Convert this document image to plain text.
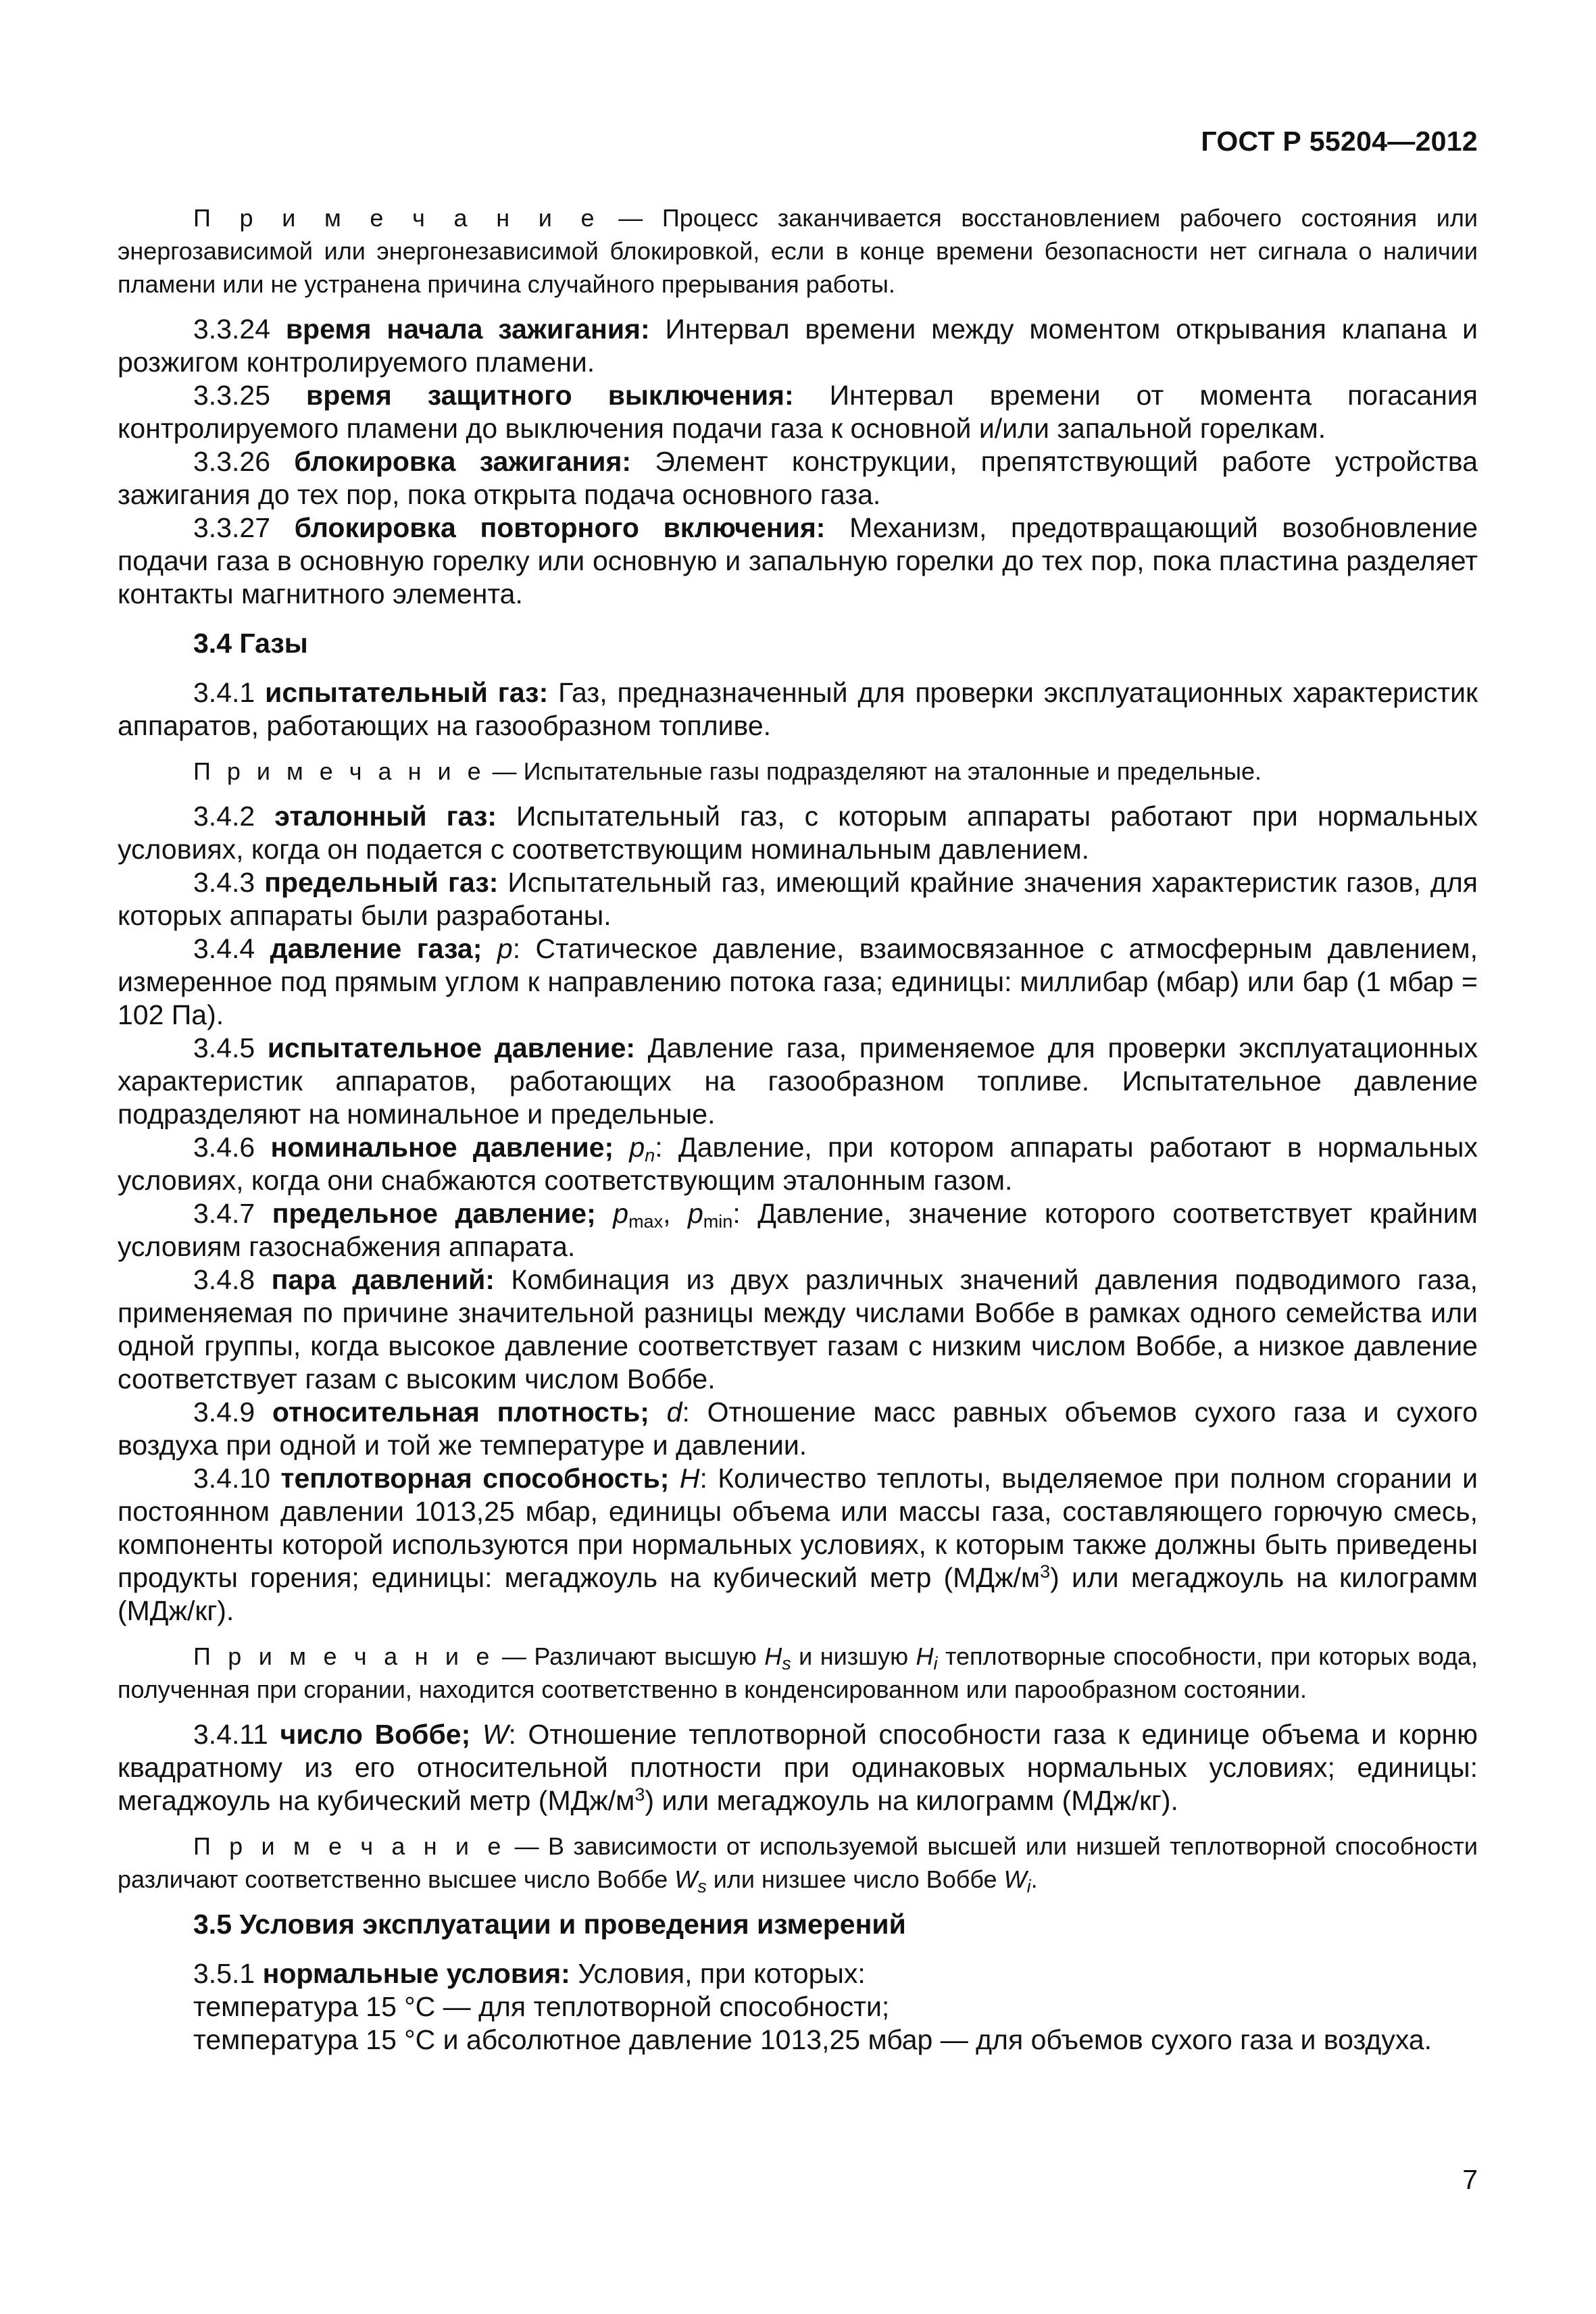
ГОСТ Р 55204—2012

П р и м е ч а н и е — Процесс заканчивается восстановлением рабочего состояния или энергозависимой или энергонезависимой блокировкой, если в конце времени безопасности нет сигнала о наличии пламени или не устранена причина случайного прерывания работы.

3.3.24 время начала зажигания: Интервал времени между моментом открывания клапана и розжигом контролируемого пламени.

3.3.25 время защитного выключения: Интервал времени от момента погасания контролируемого пламени до выключения подачи газа к основной и/или запальной горелкам.

3.3.26 блокировка зажигания: Элемент конструкции, препятствующий работе устройства зажигания до тех пор, пока открыта подача основного газа.

3.3.27 блокировка повторного включения: Механизм, предотвращающий возобновление подачи газа в основную горелку или основную и запальную горелки до тех пор, пока пластина разделяет контакты магнитного элемента.

3.4 Газы

3.4.1 испытательный газ: Газ, предназначенный для проверки эксплуатационных характеристик аппаратов, работающих на газообразном топливе.

П р и м е ч а н и е — Испытательные газы подразделяют на эталонные и предельные.

3.4.2 эталонный газ: Испытательный газ, с которым аппараты работают при нормальных условиях, когда он подается с соответствующим номинальным давлением.

3.4.3 предельный газ: Испытательный газ, имеющий крайние значения характеристик газов, для которых аппараты были разработаны.

3.4.4 давление газа; p: Статическое давление, взаимосвязанное с атмосферным давлением, измеренное под прямым углом к направлению потока газа; единицы: миллибар (мбар) или бар (1 мбар = 102 Па).

3.4.5 испытательное давление: Давление газа, применяемое для проверки эксплуатационных характеристик аппаратов, работающих на газообразном топливе. Испытательное давление подразделяют на номинальное и предельные.

3.4.6 номинальное давление; $p_n$: Давление, при котором аппараты работают в нормальных условиях, когда они снабжаются соответствующим эталонным газом.

3.4.7 предельное давление; $p_{max}$, $p_{min}$: Давление, значение которого соответствует крайним условиям газоснабжения аппарата.

3.4.8 пара давлений: Комбинация из двух различных значений давления подводимого газа, применяемая по причине значительной разницы между числами Воббе в рамках одного семейства или одной группы, когда высокое давление соответствует газам с низким числом Воббе, а низкое давление соответствует газам с высоким числом Воббе.

3.4.9 относительная плотность; d: Отношение масс равных объемов сухого газа и сухого воздуха при одной и той же температуре и давлении.

3.4.10 теплотворная способность; H: Количество теплоты, выделяемое при полном сгорании и постоянном давлении 1013,25 мбар, единицы объема или массы газа, составляющего горючую смесь, компоненты которой используются при нормальных условиях, к которым также должны быть приведены продукты горения; единицы: мегаджоуль на кубический метр $(МДж/м^3)$ или мегаджоуль на килограмм (МДж/кг).

П р и м е ч а н и е — Различают высшую $H_s$ и низшую $H_i$ теплотворные способности, при которых вода, полученная при сгорании, находится соответственно в конденсированном или парообразном состоянии.

3.4.11 число Воббе; W: Отношение теплотворной способности газа к единице объема и корню квадратному из его относительной плотности при одинаковых нормальных условиях; единицы: мегаджоуль на кубический метр $(МДж/м^3)$ или мегаджоуль на килограмм (МДж/кг).

П р и м е ч а н и е — В зависимости от используемой высшей или низшей теплотворной способности различают соответственно высшее число Воббе $W_s$ или низшее число Воббе $W_i$.

3.5 Условия эксплуатации и проведения измерений

3.5.1 нормальные условия: Условия, при которых:

температура 15 °С — для теплотворной способности;

температура 15 °С и абсолютное давление 1013,25 мбар — для объемов сухого газа и воздуха.

7
